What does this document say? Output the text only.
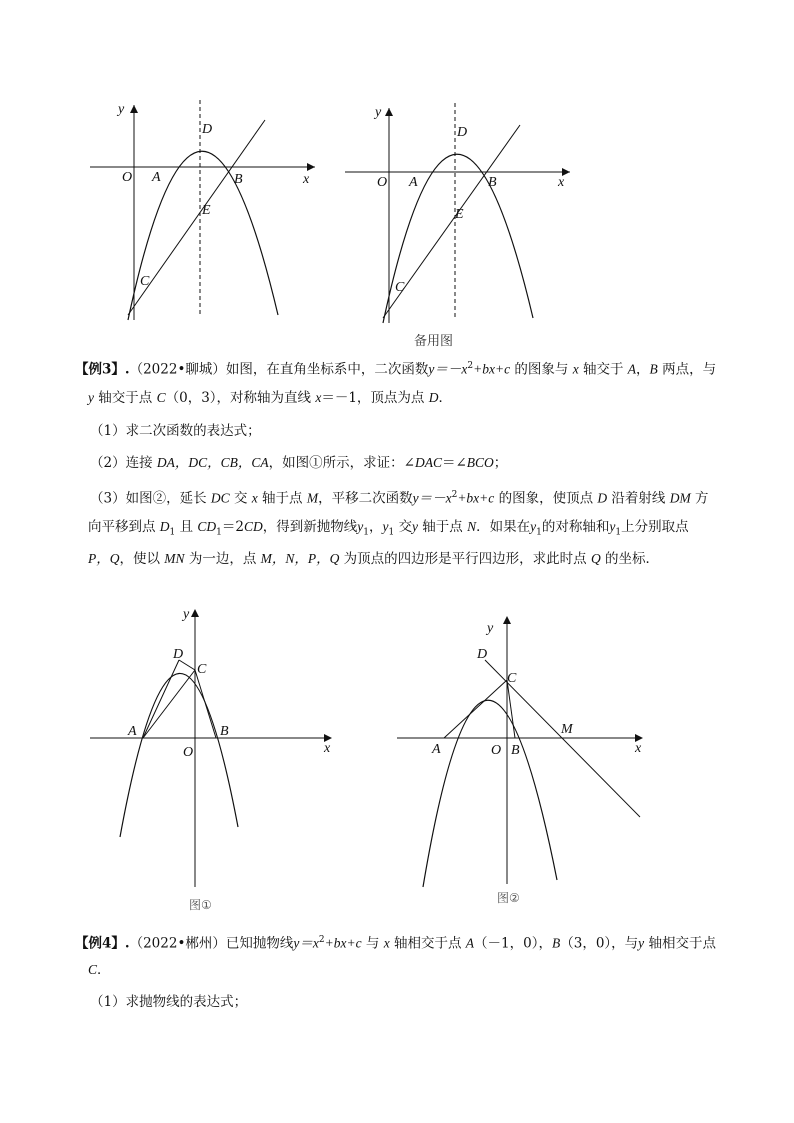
y
x
O A	B
D
E
C
y
x
O A	B
D
E
C
备用图
【例3】.（2022•聊城）如图，在直角坐标系中，二次函数$y=-x^2+bx+c$ 的图象与 x 轴交于 A，B 两点，与
y 轴交于点 C（0，3），对称轴为直线 x＝－1，顶点为点 D．
（1）求二次函数的表达式；
（2）连接 DA，DC，CB，CA，如图①所示，求证：∠DAC＝∠BCO；
（3）如图②，延长 DC 交 x 轴于点 M，平移二次函数$y=-x^2+bx+c$ 的图象，使顶点 D 沿着射线 DM 方
向平移到点 $D_1$ 且 $CD_1=2CD$，得到新抛物线$y_1$，$y_1$ 交y 轴于点 N．如果在$y_1$的对称轴和$y_1$上分别取点
P，Q，使以 MN 为一边，点 M，N，P，Q 为顶点的四边形是平行四边形，求此时点 Q 的坐标．
y
x
O
A	B
C
D
图①
y
x
O
A	B
C
D
M
图②
【例4】.（2022•郴州）已知抛物线$y=x^2+bx+c$ 与 x 轴相交于点 A（－1，0），B（3，0），与y 轴相交于点
C．
（1）求抛物线的表达式；
